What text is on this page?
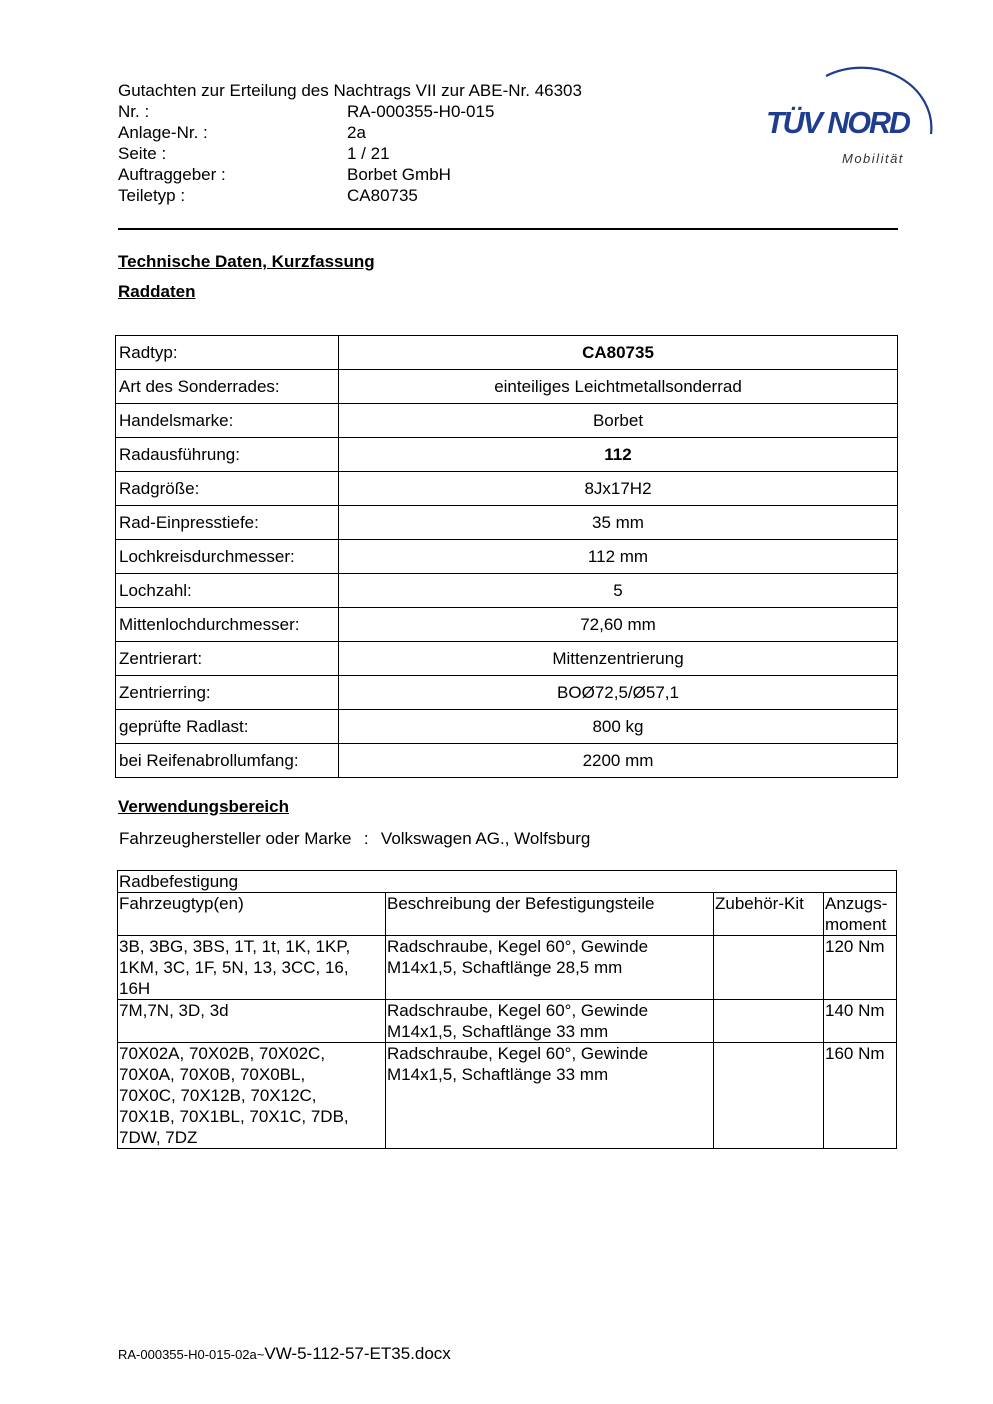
Gutachten zur Erteilung des Nachtrags VII zur ABE-Nr. 46303
Nr. :	RA-000355-H0-015
Anlage-Nr. :	2a
Seite :	1 / 21
Auftraggeber :	Borbet GmbH
Teiletyp :	CA80735
TÜV NORD
Mobilität
Technische Daten, Kurzfassung
Raddaten
Radtyp:	CA80735
Art des Sonderrades:	einteiliges Leichtmetallsonderrad
Handelsmarke:	Borbet
Radausführung:	112
Radgröße:	8Jx17H2
Rad-Einpresstiefe:	35 mm
Lochkreisdurchmesser:	112 mm
Lochzahl:	5
Mittenlochdurchmesser:	72,60 mm
Zentrierart:	Mittenzentrierung
Zentrierring:	BOØ72,5/Ø57,1
geprüfte Radlast:	800 kg
bei Reifenabrollumfang:	2200 mm
Verwendungsbereich
Fahrzeughersteller oder Marke : Volkswagen AG., Wolfsburg
Radbefestigung			
Fahrzeugtyp(en)	Beschreibung der Befestigungsteile	Zubehör-Kit	Anzugs-
moment
3B, 3BG, 3BS, 1T, 1t, 1K, 1KP,
1KM, 3C, 1F, 5N, 13, 3CC, 16,
16H	Radschraube, Kegel 60°, Gewinde
M14x1,5, Schaftlänge 28,5 mm		120 Nm
7M,7N, 3D, 3d	Radschraube, Kegel 60°, Gewinde
M14x1,5, Schaftlänge 33 mm		140 Nm
70X02A, 70X02B, 70X02C,
70X0A, 70X0B, 70X0BL,
70X0C, 70X12B, 70X12C,
70X1B, 70X1BL, 70X1C, 7DB,
7DW, 7DZ	Radschraube, Kegel 60°, Gewinde
M14x1,5, Schaftlänge 33 mm		160 Nm
RA-000355-H0-015-02a~VW-5-112-57-ET35.docx
